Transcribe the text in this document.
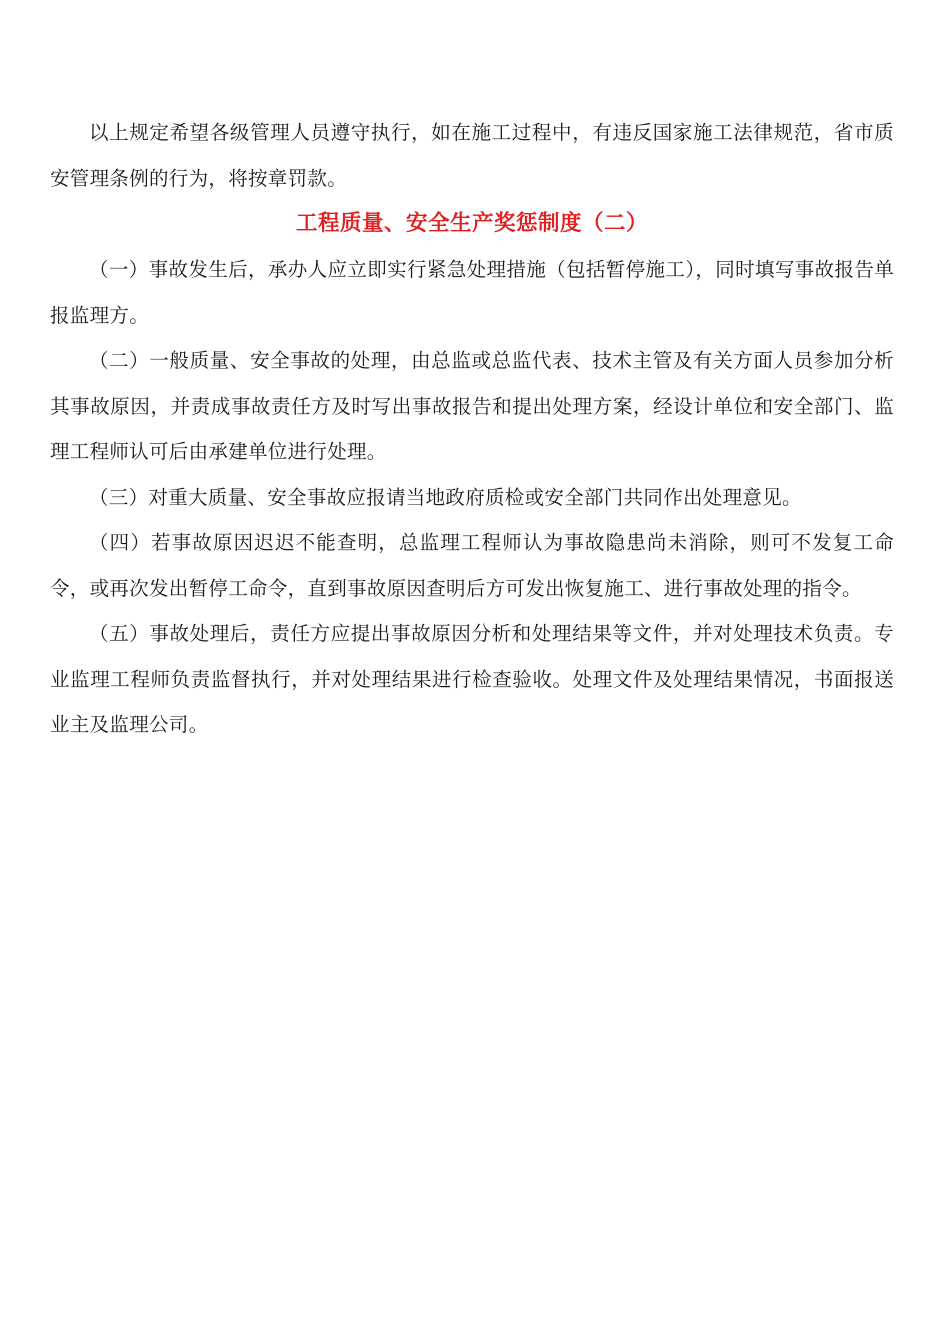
以上规定希望各级管理人员遵守执行，如在施工过程中，有违反国家施工法律规范，省市质安管理条例的行为，将按章罚款。

工程质量、安全生产奖惩制度（二）

（一）事故发生后，承办人应立即实行紧急处理措施（包括暂停施工），同时填写事故报告单报监理方。

（二）一般质量、安全事故的处理，由总监或总监代表、技术主管及有关方面人员参加分析其事故原因，并责成事故责任方及时写出事故报告和提出处理方案，经设计单位和安全部门、监理工程师认可后由承建单位进行处理。

（三）对重大质量、安全事故应报请当地政府质检或安全部门共同作出处理意见。

（四）若事故原因迟迟不能查明，总监理工程师认为事故隐患尚未消除，则可不发复工命令，或再次发出暂停工命令，直到事故原因查明后方可发出恢复施工、进行事故处理的指令。

（五）事故处理后，责任方应提出事故原因分析和处理结果等文件，并对处理技术负责。专业监理工程师负责监督执行，并对处理结果进行检查验收。处理文件及处理结果情况，书面报送业主及监理公司。
